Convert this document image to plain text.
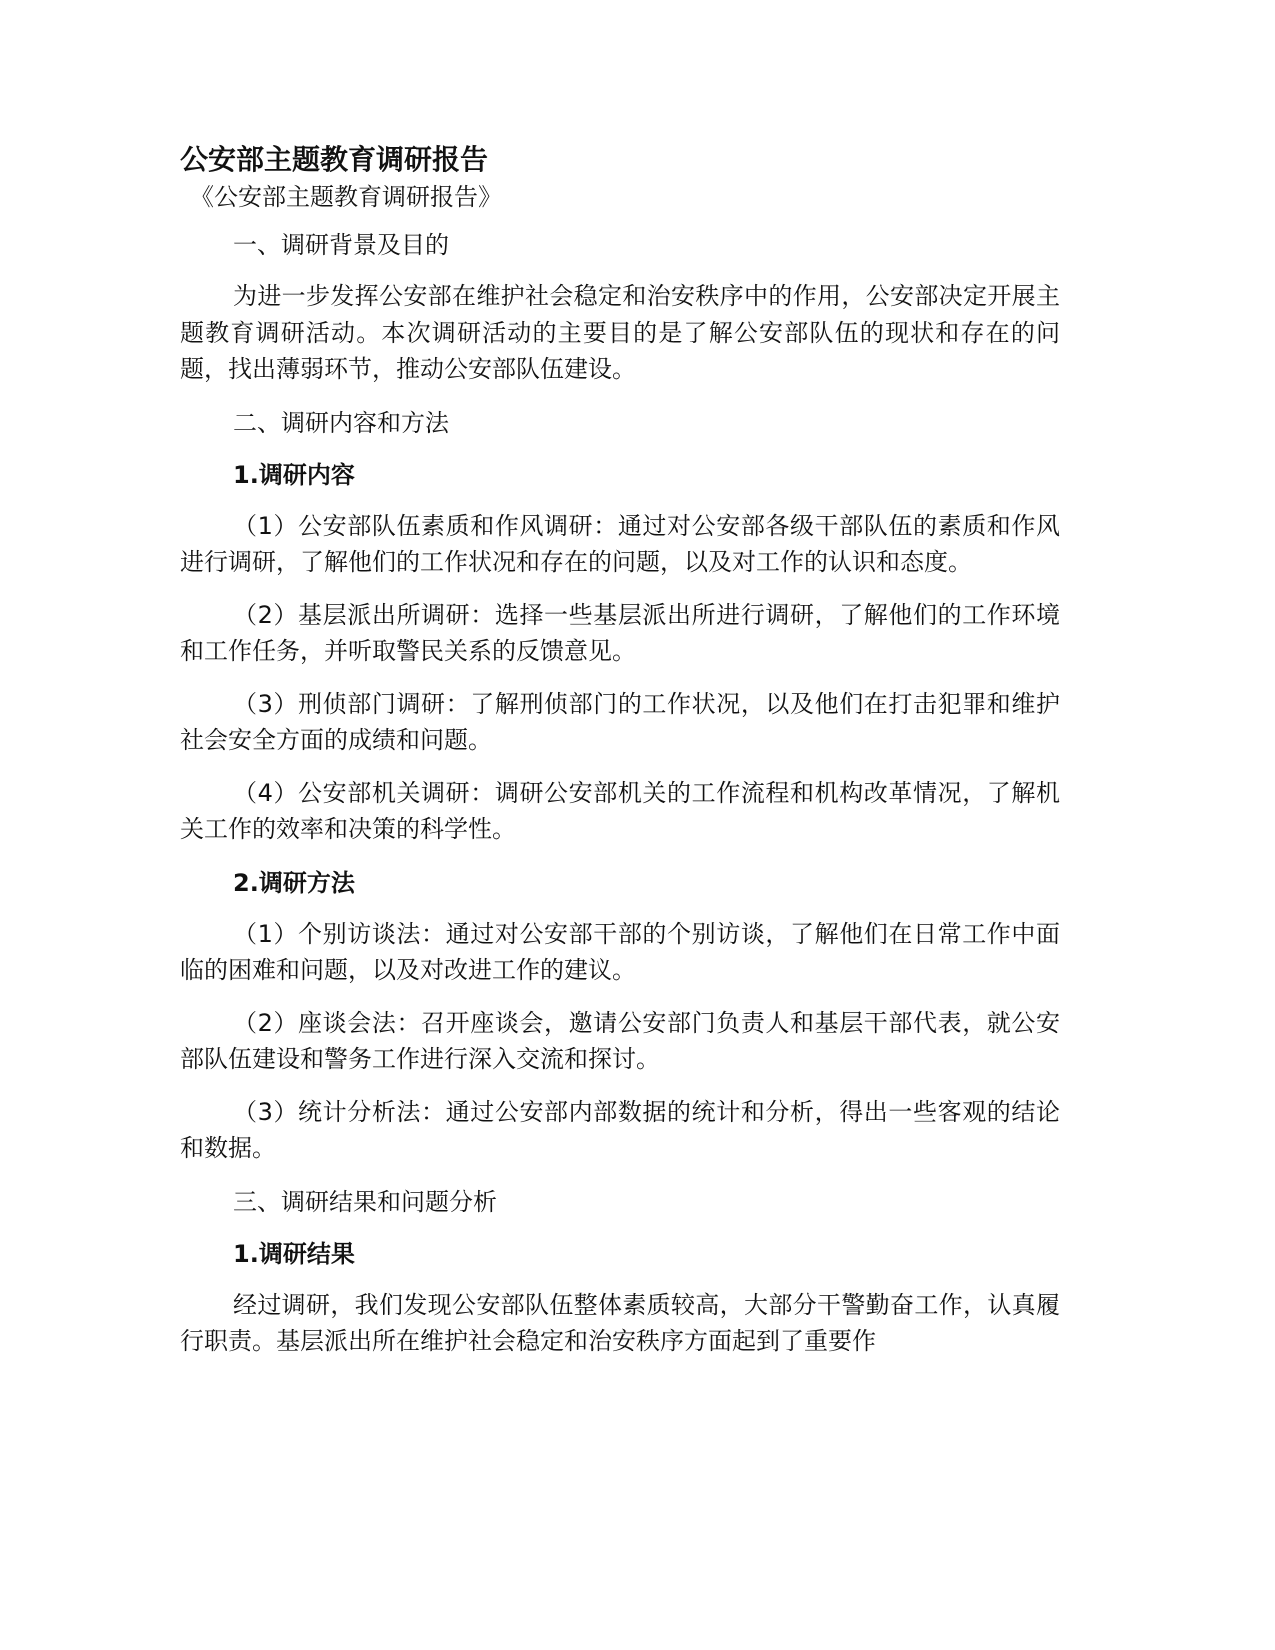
公安部主题教育调研报告

《公安部主题教育调研报告》

一、调研背景及目的

为进一步发挥公安部在维护社会稳定和治安秩序中的作用，公安部决定开展主题教育调研活动。本次调研活动的主要目的是了解公安部队伍的现状和存在的问题，找出薄弱环节，推动公安部队伍建设。

二、调研内容和方法

1.调研内容

（1）公安部队伍素质和作风调研：通过对公安部各级干部队伍的素质和作风进行调研，了解他们的工作状况和存在的问题，以及对工作的认识和态度。

（2）基层派出所调研：选择一些基层派出所进行调研，了解他们的工作环境和工作任务，并听取警民关系的反馈意见。

（3）刑侦部门调研：了解刑侦部门的工作状况，以及他们在打击犯罪和维护社会安全方面的成绩和问题。

（4）公安部机关调研：调研公安部机关的工作流程和机构改革情况，了解机关工作的效率和决策的科学性。

2.调研方法

（1）个别访谈法：通过对公安部干部的个别访谈，了解他们在日常工作中面临的困难和问题，以及对改进工作的建议。

（2）座谈会法：召开座谈会，邀请公安部门负责人和基层干部代表，就公安部队伍建设和警务工作进行深入交流和探讨。

（3）统计分析法：通过公安部内部数据的统计和分析，得出一些客观的结论和数据。

三、调研结果和问题分析

1.调研结果

经过调研，我们发现公安部队伍整体素质较高，大部分干警勤奋工作，认真履行职责。基层派出所在维护社会稳定和治安秩序方面起到了重要作
